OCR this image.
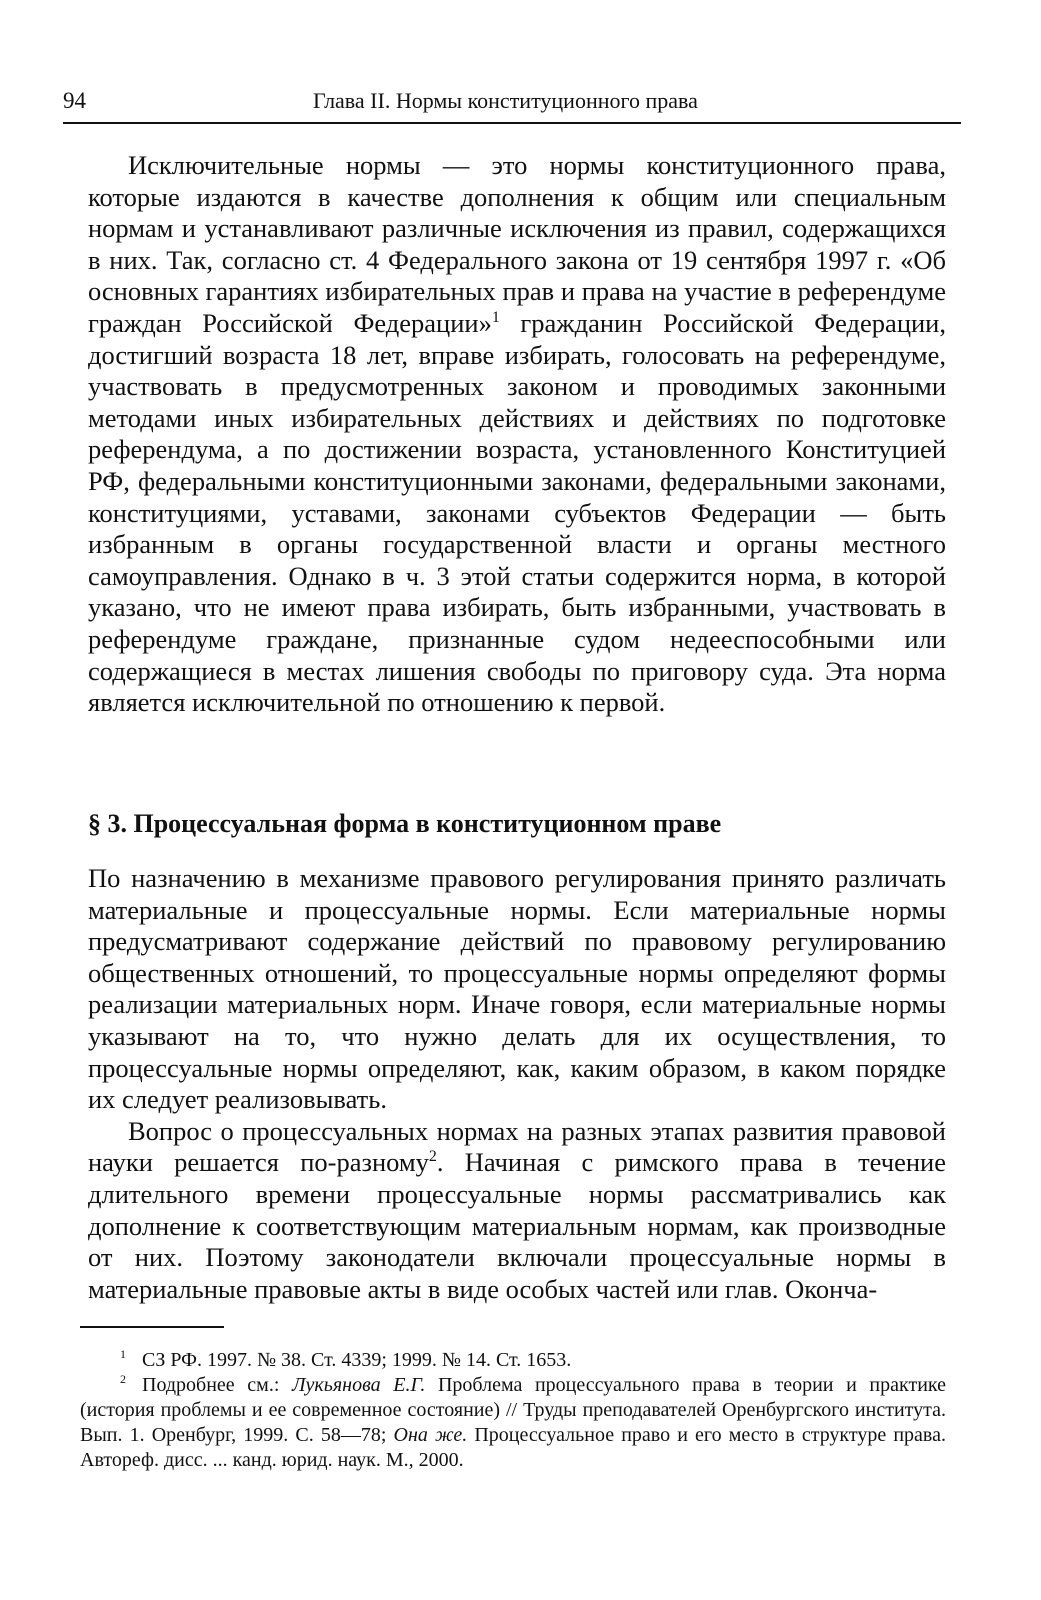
94	Глава II. Нормы конституционного права

Исключительные нормы — это нормы конституционного права, которые издаются в качестве дополнения к общим или специальным нормам и устанавливают различные исключения из правил, содержащихся в них. Так, согласно ст. 4 Федерального закона от 19 сентября 1997 г. «Об основных гарантиях избирательных прав и права на участие в референдуме граждан Российской Федерации»$^1$ гражданин Российской Федерации, достигший возраста 18 лет, вправе избирать, голосовать на референдуме, участвовать в предусмотренных законом и проводимых законными методами иных избирательных действиях и действиях по подготовке референдума, а по достижении возраста, установленного Конституцией РФ, федеральными конституционными законами, федеральными законами, конституциями, уставами, законами субъектов Федерации — быть избранным в органы государственной власти и органы местного самоуправления. Однако в ч. 3 этой статьи содержится норма, в которой указано, что не имеют права избирать, быть избранными, участвовать в референдуме граждане, признанные судом недееспособными или содержащиеся в местах лишения свободы по приговору суда. Эта норма является исключительной по отношению к первой.

§ 3. Процессуальная форма в конституционном праве

По назначению в механизме правового регулирования принято различать материальные и процессуальные нормы. Если материальные нормы предусматривают содержание действий по правовому регулированию общественных отношений, то процессуальные нормы определяют формы реализации материальных норм. Иначе говоря, если материальные нормы указывают на то, что нужно делать для их осуществления, то процессуальные нормы определяют, как, каким образом, в каком порядке их следует реализовывать.

Вопрос о процессуальных нормах на разных этапах развития правовой науки решается по-разному$^2$. Начиная с римского права в течение длительного времени процессуальные нормы рассматривались как дополнение к соответствующим материальным нормам, как производные от них. Поэтому законодатели включали процессуальные нормы в материальные правовые акты в виде особых частей или глав. Оконча-

$^1$ СЗ РФ. 1997. № 38. Ст. 4339; 1999. № 14. Ст. 1653.

$^2$ Подробнее см.: Лукьянова Е.Г. Проблема процессуального права в теории и практике (история проблемы и ее современное состояние) // Труды преподавателей Оренбургского института. Вып. 1. Оренбург, 1999. С. 58—78; Она же. Процессуальное право и его место в структуре права. Автореф. дисс. ... канд. юрид. наук. М., 2000.
